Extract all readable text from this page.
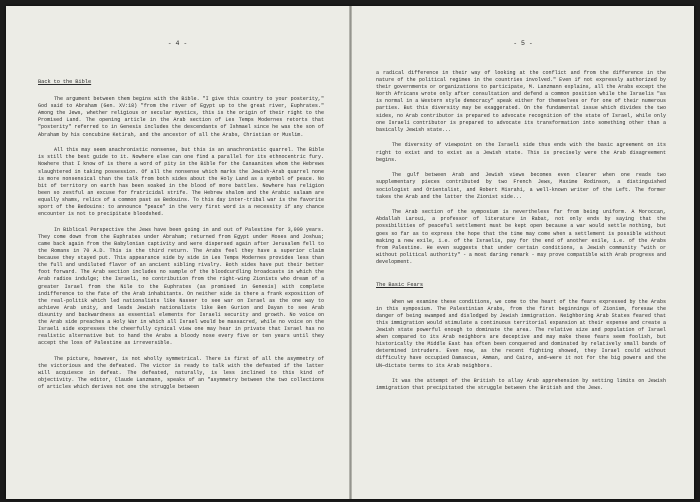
- 4 -
Back to the Bible

The argument between them begins with the Bible. "I give this country to your posterity," God said to Abraham (Gen. XV:18) "from the river of Egypt up to the great river, Euphrates." Among the Jews, whether religious or secular mystics, this is the origin of their right to the Promised Land. The opening article in the Arab section of Les Temps Modernes retorts that "posterity" referred to in Genesis includes the descendants of Ishmael since he was the son of Abraham by his concubine Ketirah, and the ancestor of all the Arabs, Christian or Muslim.

All this may seem anachronistic nonsense, but this is an anachronistic quarrel. The Bible is still the best guide to it. Nowhere else can one find a parallel for its ethnocentric fury. Nowhere that I know of is there a word of pity in the Bible for the Canaanites whom the Hebrews slaughtered in taking possession. Of all the nonsense which marks the Jewish-Arab quarrel none is more nonsensical than the talk from both sides about the Holy Land as a symbol of peace. No bit of territory on earth has been soaked in the blood of more battles. Nowhere has religion been so zestful an excuse for fratricidal strife. The Hebrew shalom and the Arabic salaam are equally shams, relics of a common past as Bedouins. To this day inter-tribal war is the favorite sport of the Bedouins: to announce "peace" in the very first word is a necessity if any chance encounter is not to precipitate bloodshed.

In Biblical Perspective the Jews have been going in and out of Palestine for 3,000 years. They come down from the Euphrates under Abraham; returned from Egypt under Moses and Joshua; came back again from the Babylonian captivity and were dispersed again after Jerusalem fell to the Romans in 70 A.D. This is the third return. The Arabs feel they have a superior claim because they stayed put. This appearance side by side in Les Temps Modernes provides less than the full and undiluted flavor of an ancient sibling rivalry. Both sides have put their better foot forward. The Arab section includes no sample of the bloodcurdling broadcasts in which the Arab radios indulge; the Israeli, no contribution from the right-wing Zionists who dream of a greater Israel from the Nile to the Euphrates (as promised in Genesis) with complete indifference to the fate of the Arab inhabitants. On neither side is there a frank exposition of the real-politik which led nationalists like Nasser to see war on Israel as the one way to achieve Arab unity, and leads Jewish nationalists like Ben Gurion and Dayan to see Arab disunity and backwardness as essential elements for Israeli security and growth. No voice on the Arab side preaches a Holy War in which all Israel would be massacred, while no voice on the Israeli side expresses the cheerfully cynical view one may hear in private that Israel has no realistic alternative but to hand the Arabs a bloody nose every five or ten years until they accept the loss of Palestine as irreversible.

The picture, however, is not wholly symmetrical. There is first of all the asymmetry of the victorious and the defeated. The victor is ready to talk with the defeated if the latter will acquiesce in defeat. The defeated, naturally, is less inclined to this kind of objectivity. The editor, Claude Lanzmann, speaks of an "asymmetry between the two collections of articles which derives not one the struggle between

- 5 -

a radical difference in their way of looking at the conflict and from the difference in the nature of the political regimes in the countries involved." Even if not expressly authorized by their governments or organizations to participate, M. Lanzmann explains, all the Arabs except the North Africans wrote only after consultation and defend a common position while the Israelis "as is normal in a Western style democracy" speak either for themselves or for one of their numerous parties. But this diversity may be exaggerated. On the fundamental issue which divides the two sides, no Arab contributor is prepared to advocate recognition of the state of Israel, while only one Israeli contributor is prepared to advocate its transformation into something other than a basically Jewish state...

The diversity of viewpoint on the Israeli side thus ends with the basic agreement on its right to exist and to exist as a Jewish state. This is precisely were the Arab disagreement begins.

The gulf between Arab and Jewish views becomes even clearer when one reads two supplementary pieces contributed by two French Jews, Maxime Rodinson, a distinguished sociologist and Orientalist, and Robert Misrahi, a well-known writer of the Left. The former takes the Arab and the latter the Zionist side...

The Arab section of the symposium is nevertheless far from being uniform. A Moroccan, Abdallah Laroui, a professor of literature in Rabat, not only ends by saying that the possibilities of peaceful settlement must be kept open because a war would settle nothing, but goes so far as to express the hope that the time may come when a settlement is possible without making a new exile, i.e. of the Israelis, pay for the end of another exile, i.e. of the Arabs from Palestine. He even suggests that under certain conditions, a Jewish community "with or without political authority" - a most daring remark - may prove compatible with Arab progress and development.

The Basic Fears

When we examine these conditions, we come to the heart of the fears expressed by the Arabs in this symposium. The Palestinian Arabs, from the first beginnings of Zionism, foresaw the danger of being swamped and dislodged by Jewish immigration. Neighboring Arab States feared that this immigration would stimulate a continuous territorial expansion at their expense and create a Jewish state powerful enough to dominate the area. The relative size and population of Israel when compared to its Arab neighbors are deceptive and may make these fears seem foolish, but historically the Middle East has often been conquered and dominated by relatively small bands of determined intruders. Even now, as the recent fighting showed, they Israel could without difficulty have occupied Damascus, Amman, and Cairo, and—were it not for the big powers and the UN—dictate terms to its Arab neighbors.

It was the attempt of the British to allay Arab apprehension by setting limits on Jewish immigration that precipitated the struggle between the British and the Jews.
